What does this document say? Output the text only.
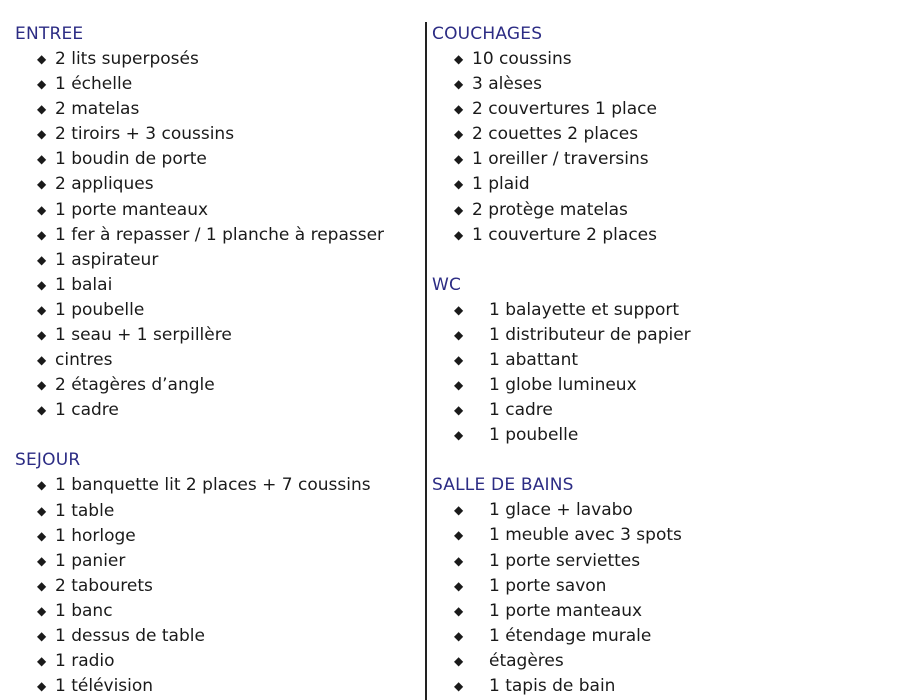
ENTREE
◆ 2 lits superposés
◆ 1 échelle
◆ 2 matelas
◆ 2 tiroirs + 3 coussins
◆ 1 boudin de porte
◆ 2 appliques
◆ 1 porte manteaux
◆ 1 fer à repasser / 1 planche à repasser
◆ 1 aspirateur
◆ 1 balai
◆ 1 poubelle
◆ 1 seau + 1 serpillère
◆ cintres
◆ 2 étagères d’angle
◆ 1 cadre
SEJOUR
◆ 1 banquette lit 2 places + 7 coussins
◆ 1 table
◆ 1 horloge
◆ 1 panier
◆ 2 tabourets
◆ 1 banc
◆ 1 dessus de table
◆ 1 radio
◆ 1 télévision
COUCHAGES
◆ 10 coussins
◆ 3 alèses
◆ 2 couvertures 1 place
◆ 2 couettes 2 places
◆ 1 oreiller / traversins
◆ 1 plaid
◆ 2 protège matelas
◆ 1 couverture 2 places
WC
◆ 1 balayette et support
◆ 1 distributeur de papier
◆ 1 abattant
◆ 1 globe lumineux
◆ 1 cadre
◆ 1 poubelle
SALLE DE BAINS
◆ 1 glace + lavabo
◆ 1 meuble avec 3 spots
◆ 1 porte serviettes
◆ 1 porte savon
◆ 1 porte manteaux
◆ 1 étendage murale
◆ étagères
◆ 1 tapis de bain
